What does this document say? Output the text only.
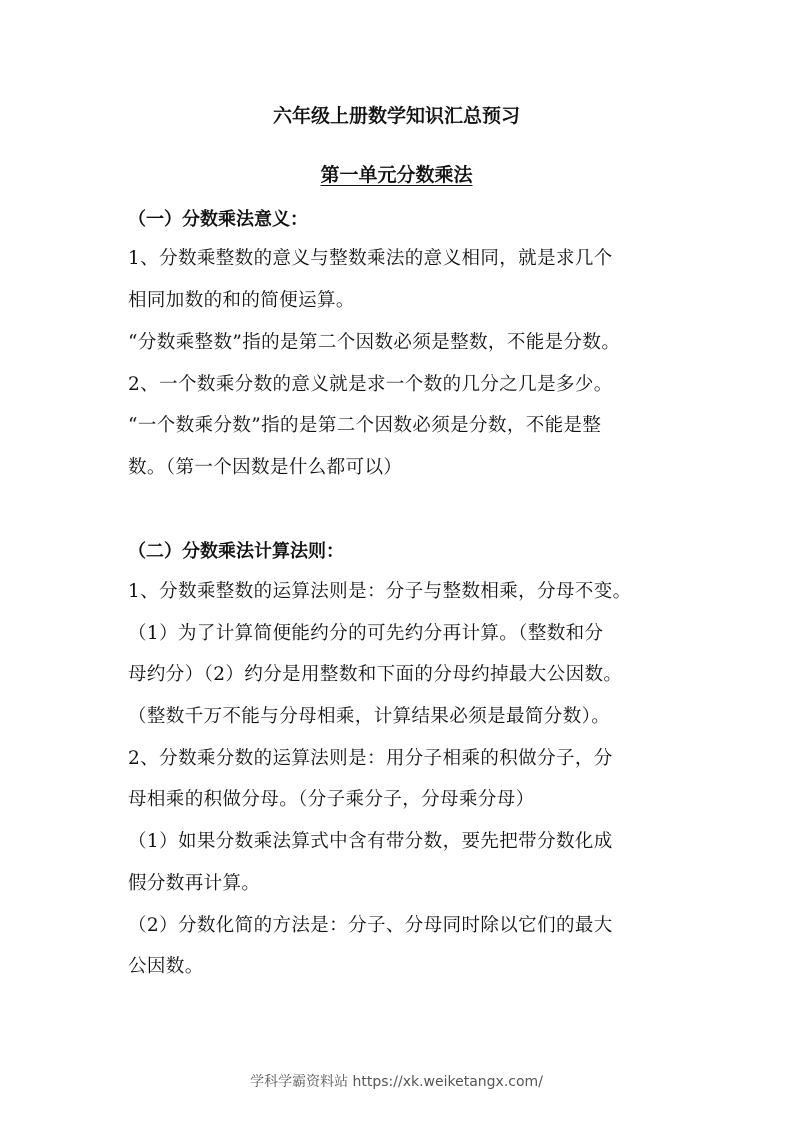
六年级上册数学知识汇总预习
第一单元分数乘法
（一）分数乘法意义：
1、分数乘整数的意义与整数乘法的意义相同，就是求几个
相同加数的和的简便运算。
“分数乘整数”指的是第二个因数必须是整数，不能是分数。
2、一个数乘分数的意义就是求一个数的几分之几是多少。
“一个数乘分数”指的是第二个因数必须是分数，不能是整
数。（第一个因数是什么都可以）
（二）分数乘法计算法则：
1、分数乘整数的运算法则是：分子与整数相乘，分母不变。
（1）为了计算简便能约分的可先约分再计算。（整数和分
母约分）（2）约分是用整数和下面的分母约掉最大公因数。
（整数千万不能与分母相乘，计算结果必须是最简分数）。
2、分数乘分数的运算法则是：用分子相乘的积做分子，分
母相乘的积做分母。（分子乘分子，分母乘分母）
（1）如果分数乘法算式中含有带分数，要先把带分数化成
假分数再计算。
（2）分数化简的方法是：分子、分母同时除以它们的最大
公因数。
学科学霸资料站 https://xk.weiketangx.com/
